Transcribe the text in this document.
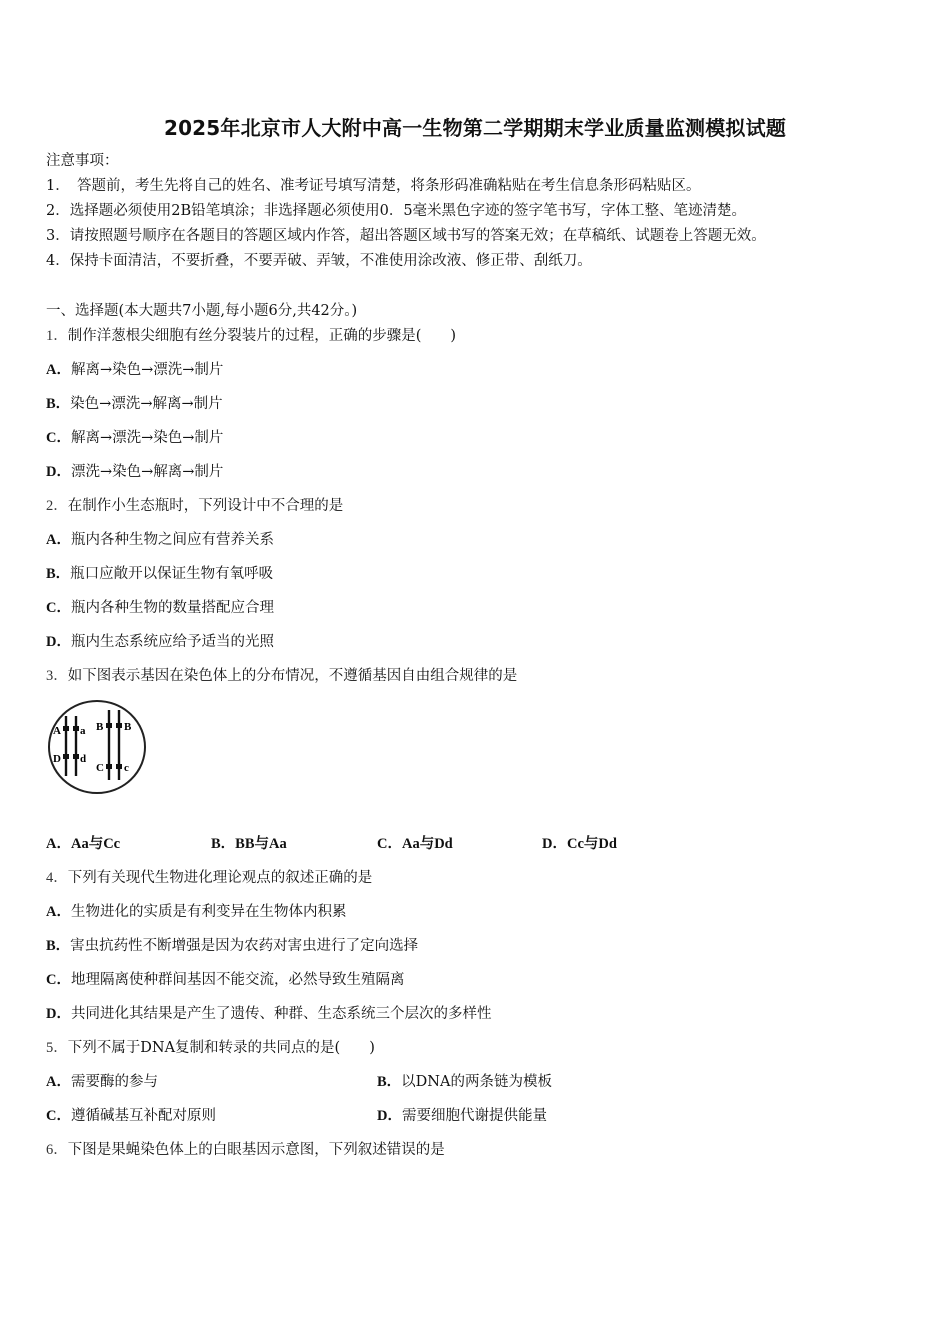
2025年北京市人大附中高一生物第二学期期末学业质量监测模拟试题
注意事项：
1．　答题前，考生先将自己的姓名、准考证号填写清楚，将条形码准确粘贴在考生信息条形码粘贴区。
2．选择题必须使用2B铅笔填涂；非选择题必须使用0．5毫米黑色字迹的签字笔书写，字体工整、笔迹清楚。
3．请按照题号顺序在各题目的答题区域内作答，超出答题区域书写的答案无效；在草稿纸、试题卷上答题无效。
4．保持卡面清洁，不要折叠，不要弄破、弄皱，不准使用涂改液、修正带、刮纸刀。
一、选择题(本大题共7小题,每小题6分,共42分。)
1．制作洋葱根尖细胞有丝分裂装片的过程，正确的步骤是(　　)
A．解离→染色→漂洗→制片
B．染色→漂洗→解离→制片
C．解离→漂洗→染色→制片
D．漂洗→染色→解离→制片
2．在制作小生态瓶时，下列设计中不合理的是
A．瓶内各种生物之间应有营养关系
B．瓶口应敞开以保证生物有氧呼吸
C．瓶内各种生物的数量搭配应合理
D．瓶内生态系统应给予适当的光照
3．如下图表示基因在染色体上的分布情况，不遵循基因自由组合规律的是
A a
D d
B B
C c
A．Aa与Cc	B．BB与Aa	C．Aa与Dd	D．Cc与Dd
4．下列有关现代生物进化理论观点的叙述正确的是
A．生物进化的实质是有利变异在生物体内积累
B．害虫抗药性不断增强是因为农药对害虫进行了定向选择
C．地理隔离使种群间基因不能交流，必然导致生殖隔离
D．共同进化其结果是产生了遗传、种群、生态系统三个层次的多样性
5．下列不属于DNA复制和转录的共同点的是(　　)
A．需要酶的参与	B．以DNA的两条链为模板
C．遵循碱基互补配对原则	D．需要细胞代谢提供能量
6．下图是果蝇染色体上的白眼基因示意图，下列叙述错误的是
